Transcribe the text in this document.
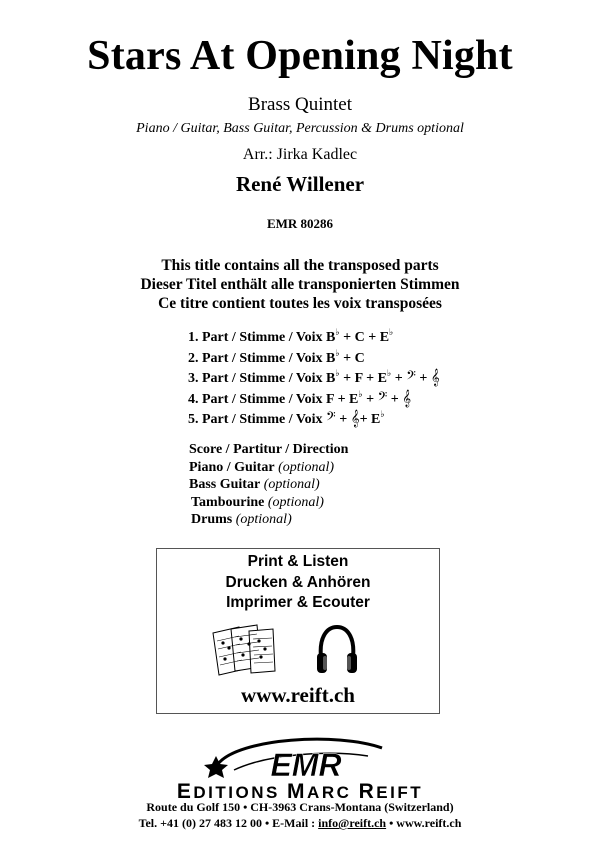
Stars At Opening Night
Brass Quintet
Piano / Guitar, Bass Guitar, Percussion & Drums optional
Arr.: Jirka Kadlec
René Willener
EMR 80286
This title contains all the transposed parts
Dieser Titel enthält alle transponierten Stimmen
Ce titre contient toutes les voix transposées
1. Part / Stimme / Voix B♭ + C + E♭
2. Part / Stimme / Voix B♭ + C
3. Part / Stimme / Voix B♭ + F + E♭ + 𝄢 + 𝄞
4. Part / Stimme / Voix F + E♭ + 𝄢 + 𝄞
5. Part / Stimme / Voix 𝄢 + 𝄞+ E♭
Score / Partitur / Direction
Piano / Guitar (optional)
Bass Guitar (optional)
Tambourine (optional)
Drums (optional)
Print & Listen
Drucken & Anhören
Imprimer & Ecouter
www.reift.ch
EMR
EDITIONS MARC REIFT
Route du Golf 150 • CH-3963 Crans-Montana (Switzerland)
Tel. +41 (0) 27 483 12 00 • E-Mail : info@reift.ch • www.reift.ch
